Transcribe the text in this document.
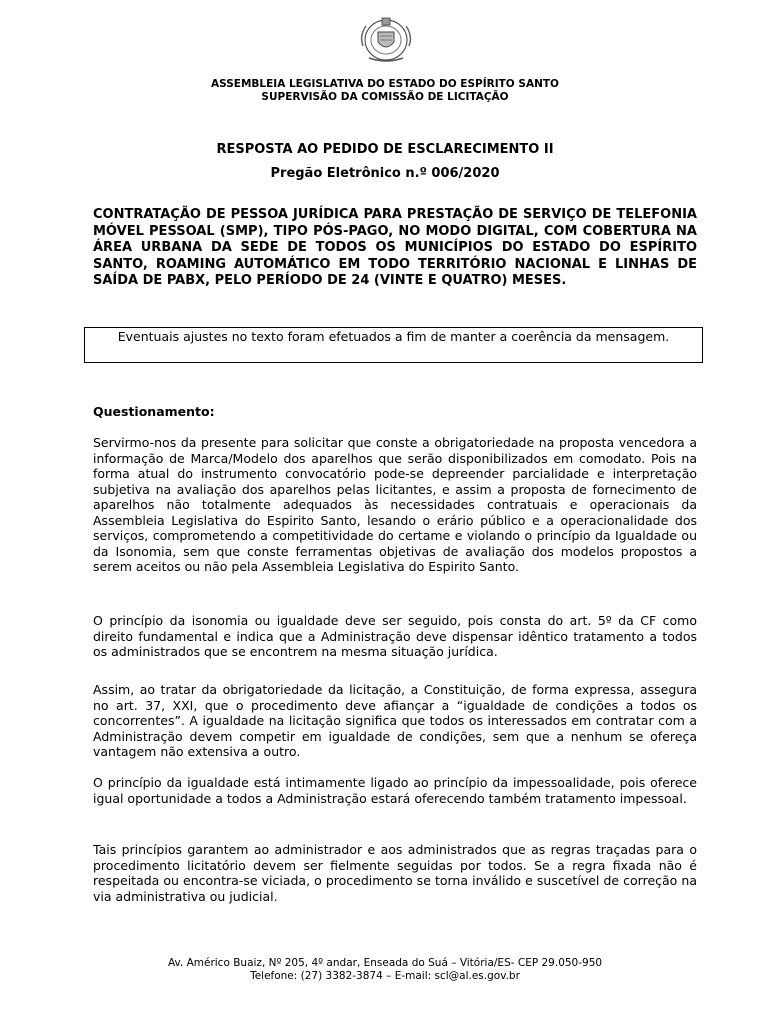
ASSEMBLEIA LEGISLATIVA DO ESTADO DO ESPÍRITO SANTO
SUPERVISÃO DA COMISSÃO DE LICITAÇÃO
RESPOSTA AO PEDIDO DE ESCLARECIMENTO II
Pregão Eletrônico n.º 006/2020
CONTRATAÇÃO DE PESSOA JURÍDICA PARA PRESTAÇÃO DE SERVIÇO DE TELEFONIA MÓVEL PESSOAL (SMP), TIPO PÓS-PAGO, NO MODO DIGITAL, COM COBERTURA NA ÁREA URBANA DA SEDE DE TODOS OS MUNICÍPIOS DO ESTADO DO ESPÍRITO SANTO, ROAMING AUTOMÁTICO EM TODO TERRITÓRIO NACIONAL E LINHAS DE SAÍDA DE PABX, PELO PERÍODO DE 24 (VINTE E QUATRO) MESES.
Eventuais ajustes no texto foram efetuados a fim de manter a coerência da mensagem.
Questionamento:
Servirmo-nos da presente para solicitar que conste a obrigatoriedade na proposta vencedora a informação de Marca/Modelo dos aparelhos que serão disponibilizados em comodato. Pois na forma atual do instrumento convocatório pode-se depreender parcialidade e interpretação subjetiva na avaliação dos aparelhos pelas licitantes, e assim a proposta de fornecimento de aparelhos não totalmente adequados às necessidades contratuais e operacionais da Assembleia Legislativa do Espirito Santo, lesando o erário público e a operacionalidade dos serviços, comprometendo a competitividade do certame e violando o princípio da Igualdade ou da Isonomia, sem que conste ferramentas objetivas de avaliação dos modelos propostos a serem aceitos ou não pela Assembleia Legislativa do Espirito Santo.
O princípio da isonomia ou igualdade deve ser seguido, pois consta do art. 5º da CF como direito fundamental e indica que a Administração deve dispensar idêntico tratamento a todos os administrados que se encontrem na mesma situação jurídica.
Assim, ao tratar da obrigatoriedade da licitação, a Constituição, de forma expressa, assegura no art. 37, XXI, que o procedimento deve afiançar a “igualdade de condições a todos os concorrentes”. A igualdade na licitação significa que todos os interessados em contratar com a Administração devem competir em igualdade de condições, sem que a nenhum se ofereça vantagem não extensiva a outro.
O princípio da igualdade está intimamente ligado ao princípio da impessoalidade, pois oferece igual oportunidade a todos a Administração estará oferecendo também tratamento impessoal.
Tais princípios garantem ao administrador e aos administrados que as regras traçadas para o procedimento licitatório devem ser fielmente seguidas por todos. Se a regra fixada não é respeitada ou encontra-se viciada, o procedimento se torna inválido e suscetível de correção na via administrativa ou judicial.
Av. Américo Buaiz, Nº 205, 4º andar, Enseada do Suá – Vitória/ES- CEP 29.050-950
Telefone: (27) 3382-3874 – E-mail: scl@al.es.gov.br
